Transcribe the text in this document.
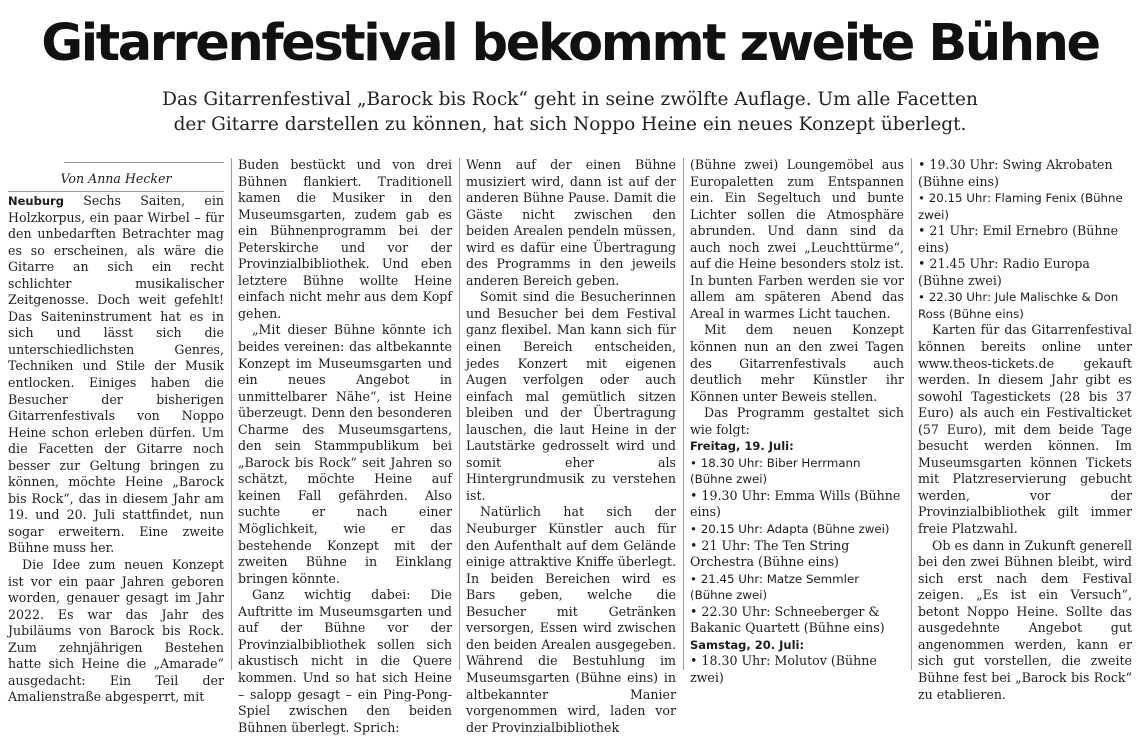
Gitarrenfestival bekommt zweite Bühne
Das Gitarrenfestival „Barock bis Rock“ geht in seine zwölfte Auflage. Um alle Facetten
der Gitarre darstellen zu können, hat sich Noppo Heine ein neues Konzept überlegt.
Von Anna Hecker

Neuburg Sechs Saiten, ein Holzkorpus, ein paar Wirbel – für den unbedarften Betrachter mag es so erscheinen, als wäre die Gitarre an sich ein recht schlichter musikalischer Zeitgenosse. Doch weit gefehlt! Das Saiteninstrument hat es in sich und lässt sich die unterschiedlichsten Genres, Techniken und Stile der Musik entlocken. Einiges haben die Besucher der bisherigen Gitarrenfestivals von Noppo Heine schon erleben dürfen. Um die Facetten der Gitarre noch besser zur Geltung bringen zu können, möchte Heine „Barock bis Rock“, das in diesem Jahr am 19. und 20. Juli stattfindet, nun sogar erweitern. Eine zweite Bühne muss her.

Die Idee zum neuen Konzept ist vor ein paar Jahren geboren worden, genauer gesagt im Jahr 2022. Es war das Jahr des Jubiläums von Barock bis Rock. Zum zehnjährigen Bestehen hatte sich Heine die „Amarade“ ausgedacht: Ein Teil der Amalienstraße abgesperrt, mit

Buden bestückt und von drei Bühnen flankiert. Traditionell kamen die Musiker in den Museumsgarten, zudem gab es ein Bühnenprogramm bei der Peterskirche und vor der Provinzialbibliothek. Und eben letztere Bühne wollte Heine einfach nicht mehr aus dem Kopf gehen.

„Mit dieser Bühne könnte ich beides vereinen: das altbekannte Konzept im Museumsgarten und ein neues Angebot in unmittelbarer Nähe“, ist Heine überzeugt. Denn den besonderen Charme des Museumsgartens, den sein Stammpublikum bei „Barock bis Rock“ seit Jahren so schätzt, möchte Heine auf keinen Fall gefährden. Also suchte er nach einer Möglichkeit, wie er das bestehende Konzept mit der zweiten Bühne in Einklang bringen könnte.

Ganz wichtig dabei: Die Auftritte im Museumsgarten und auf der Bühne vor der Provinzialbibliothek sollen sich akustisch nicht in die Quere kommen. Und so hat sich Heine – salopp gesagt – ein Ping-Pong-Spiel zwischen den beiden Bühnen überlegt. Sprich:

Wenn auf der einen Bühne musiziert wird, dann ist auf der anderen Bühne Pause. Damit die Gäste nicht zwischen den beiden Arealen pendeln müssen, wird es dafür eine Übertragung des Programms in den jeweils anderen Bereich geben.

Somit sind die Besucherinnen und Besucher bei dem Festival ganz flexibel. Man kann sich für einen Bereich entscheiden, jedes Konzert mit eigenen Augen verfolgen oder auch einfach mal gemütlich sitzen bleiben und der Übertragung lauschen, die laut Heine in der Lautstärke gedrosselt wird und somit eher als Hintergrundmusik zu verstehen ist.

Natürlich hat sich der Neuburger Künstler auch für den Aufenthalt auf dem Gelände einige attraktive Kniffe überlegt. In beiden Bereichen wird es Bars geben, welche die Besucher mit Getränken versorgen, Essen wird zwischen den beiden Arealen ausgegeben. Während die Bestuhlung im Museumsgarten (Bühne eins) in altbekannter Manier vorgenommen wird, laden vor der Provinzialbibliothek

(Bühne zwei) Loungemöbel aus Europaletten zum Entspannen ein. Ein Segeltuch und bunte Lichter sollen die Atmosphäre abrunden. Und dann sind da auch noch zwei „Leuchttürme“, auf die Heine besonders stolz ist. In bunten Farben werden sie vor allem am späteren Abend das Areal in warmes Licht tauchen.

Mit dem neuen Konzept können nun an den zwei Tagen des Gitarrenfestivals auch deutlich mehr Künstler ihr Können unter Beweis stellen.

Das Programm gestaltet sich wie folgt:

Freitag, 19. Juli:

• 18.30 Uhr: Biber Herrmann (Bühne zwei)

• 19.30 Uhr: Emma Wills (Bühne eins)

• 20.15 Uhr: Adapta (Bühne zwei)

• 21 Uhr: The Ten String Orchestra (Bühne eins)

• 21.45 Uhr: Matze Semmler (Bühne zwei)

• 22.30 Uhr: Schneeberger & Bakanic Quartett (Bühne eins)

Samstag, 20. Juli:

• 18.30 Uhr: Molutov (Bühne zwei)

• 19.30 Uhr: Swing Akrobaten (Bühne eins)

• 20.15 Uhr: Flaming Fenix (Bühne zwei)

• 21 Uhr: Emil Ernebro (Bühne eins)

• 21.45 Uhr: Radio Europa (Bühne zwei)

• 22.30 Uhr: Jule Malischke & Don Ross (Bühne eins)

Karten für das Gitarrenfestival können bereits online unter www.theos-tickets.de gekauft werden. In diesem Jahr gibt es sowohl Tagestickets (28 bis 37 Euro) als auch ein Festivalticket (57 Euro), mit dem beide Tage besucht werden können. Im Museumsgarten können Tickets mit Platzreservierung gebucht werden, vor der Provinzialbibliothek gilt immer freie Platzwahl.

Ob es dann in Zukunft generell bei den zwei Bühnen bleibt, wird sich erst nach dem Festival zeigen. „Es ist ein Versuch“, betont Noppo Heine. Sollte das ausgedehnte Angebot gut angenommen werden, kann er sich gut vorstellen, die zweite Bühne fest bei „Barock bis Rock“ zu etablieren.
